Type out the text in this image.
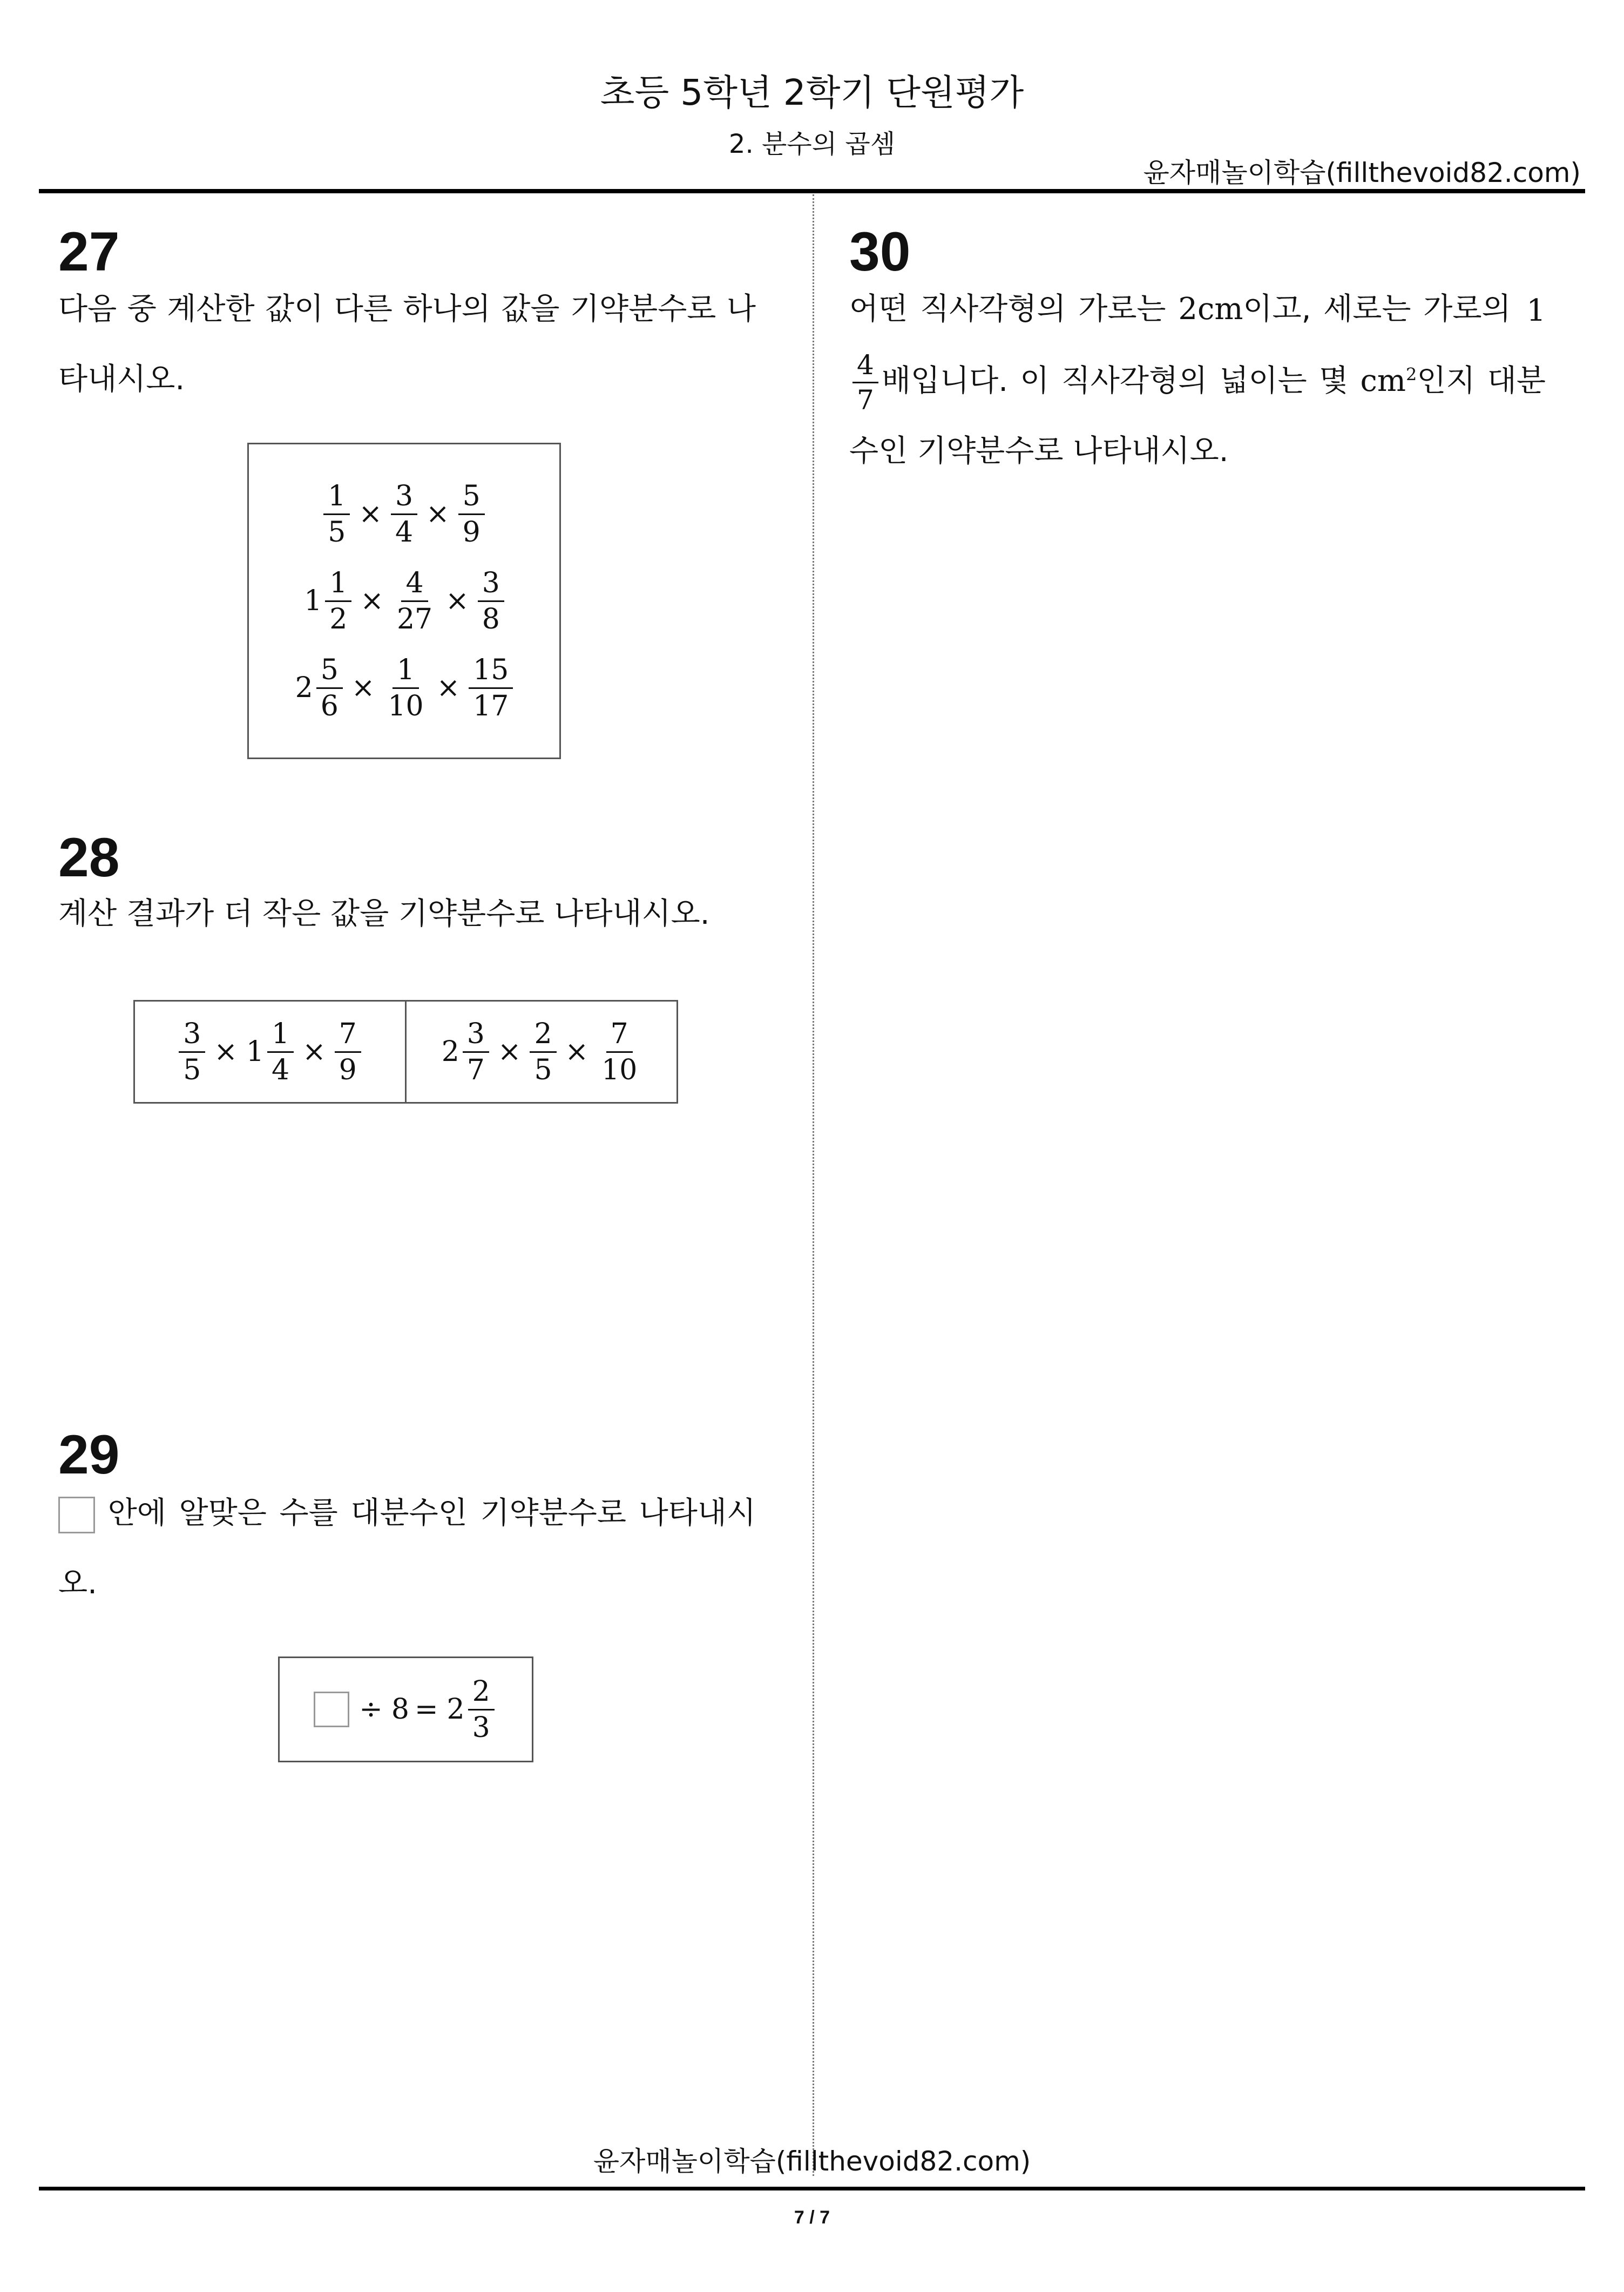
초등 5학년 2학기 단원평가
2. 분수의 곱셈
윤자매놀이학습(fillthevoid82.com)
27
다음 중 계산한 값이 다른 하나의 값을 기약분수로 나타내시오.
$\frac{1}{5} \times \frac{3}{4} \times \frac{5}{9}$
$1 \frac{1}{2} \times \frac{4}{27} \times \frac{3}{8}$
$2 \frac{5}{6} \times \frac{1}{10} \times \frac{15}{17}$
28
계산 결과가 더 작은 값을 기약분수로 나타내시오.
$\frac{3}{5} \times 1 \frac{1}{4} \times \frac{7}{9}$	$2 \frac{3}{7} \times \frac{2}{5} \times \frac{7}{10}$
29
안에 알맞은 수를 대분수인 기약분수로 나타내시오.
÷ $8 = 2 \frac{2}{3}$
30
어떤 직사각형의 가로는 2cm이고, 세로는 가로의 1
$\frac{4}{7}$ 배입니다. 이 직사각형의 넓이는 몇 $cm^2$인지 대분수인 기약분수로 나타내시오.
윤자매놀이학습(fillthevoid82.com)
7 / 7
